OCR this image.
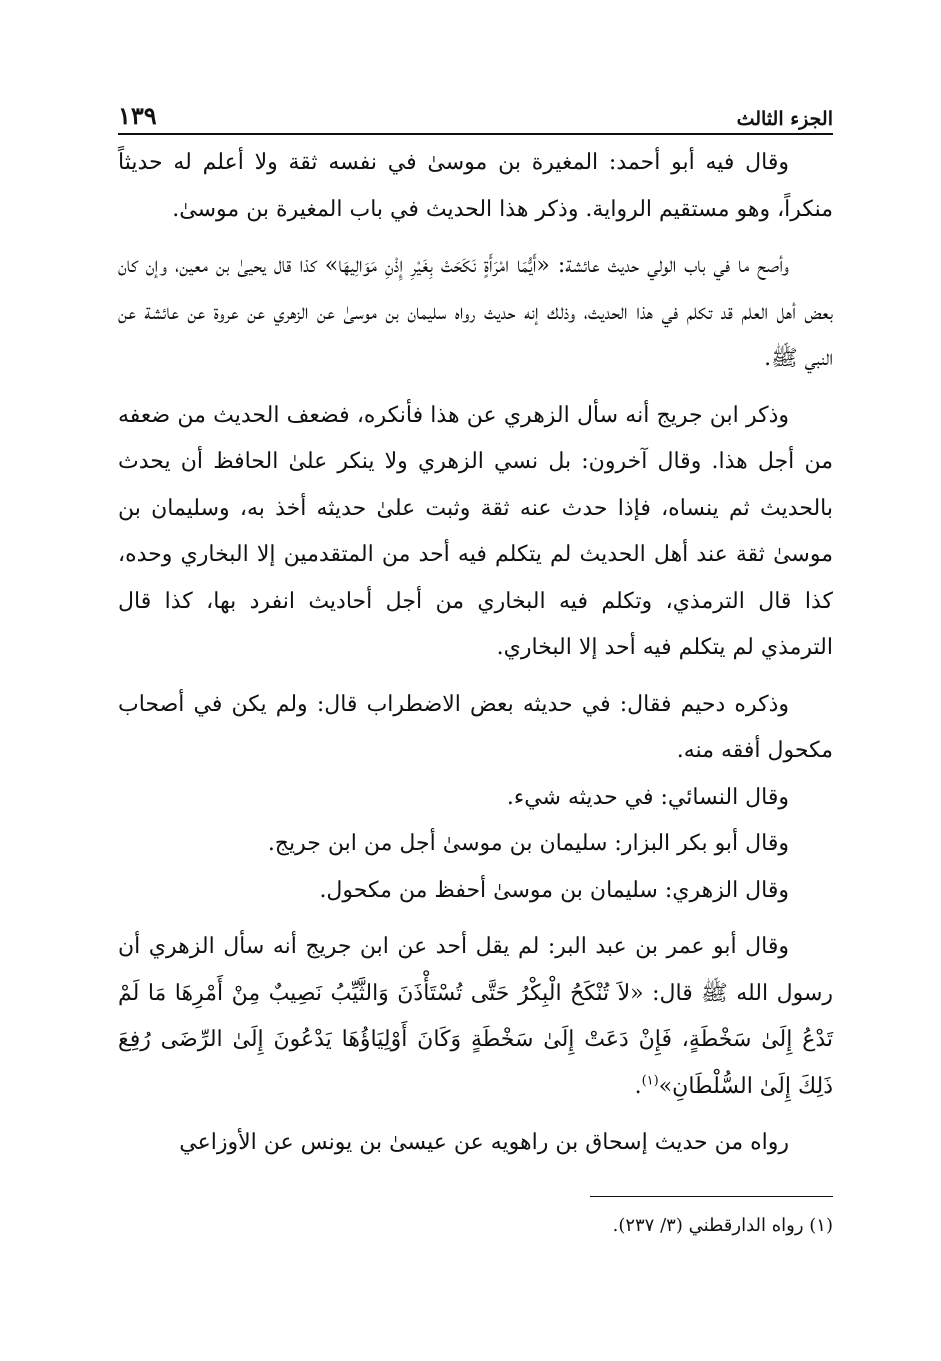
الجزء الثالث
١٣٩

وقال فيه أبو أحمد: المغيرة بن موسىٰ في نفسه ثقة ولا أعلم له حديثاً منكراً، وهو مستقيم الرواية. وذكر هذا الحديث في باب المغيرة بن موسىٰ.

وأصح ما في باب الولي حديث عائشة: «أَيُّمَا امْرَأَةٍ نَكَحَتْ بِغَيْرِ إِذْنِ مَوَالِيهَا» كذا قال يحيىٰ بن معين، وإن كان بعض أهل العلم قد تكلم في هذا الحديث، وذلك إنه حديث رواه سليمان بن موسىٰ عن الزهري عن عروة عن عائشة عن النبي ﷺ.

وذكر ابن جريج أنه سأل الزهري عن هذا فأنكره، فضعف الحديث من ضعفه من أجل هذا. وقال آخرون: بل نسي الزهري ولا ينكر علىٰ الحافظ أن يحدث بالحديث ثم ينساه، فإذا حدث عنه ثقة وثبت علىٰ حديثه أخذ به، وسليمان بن موسىٰ ثقة عند أهل الحديث لم يتكلم فيه أحد من المتقدمين إلا البخاري وحده، كذا قال الترمذي، وتكلم فيه البخاري من أجل أحاديث انفرد بها، كذا قال الترمذي لم يتكلم فيه أحد إلا البخاري.

وذكره دحيم فقال: في حديثه بعض الاضطراب قال: ولم يكن في أصحاب مكحول أفقه منه.

وقال النسائي: في حديثه شيء.

وقال أبو بكر البزار: سليمان بن موسىٰ أجل من ابن جريج.

وقال الزهري: سليمان بن موسىٰ أحفظ من مكحول.

وقال أبو عمر بن عبد البر: لم يقل أحد عن ابن جريج أنه سأل الزهري أن رسول الله ﷺ قال: «لاَ تُنْكَحُ الْبِكْرُ حَتَّى تُسْتَأْذَنَ وَالثَّيِّبُ نَصِيبٌ مِنْ أَمْرِهَا مَا لَمْ تَدْعُ إِلَىٰ سَخْطَةٍ، فَإِنْ دَعَتْ إِلَىٰ سَخْطَةٍ وَكَانَ أَوْلِيَاؤُهَا يَدْعُونَ إِلَىٰ الرِّضَى رُفِعَ ذَلِكَ إِلَىٰ السُّلْطَانِ»$^{(١)}$.

رواه من حديث إسحاق بن راهويه عن عيسىٰ بن يونس عن الأوزاعي

(١) رواه الدارقطني (٣/ ٢٣٧).
